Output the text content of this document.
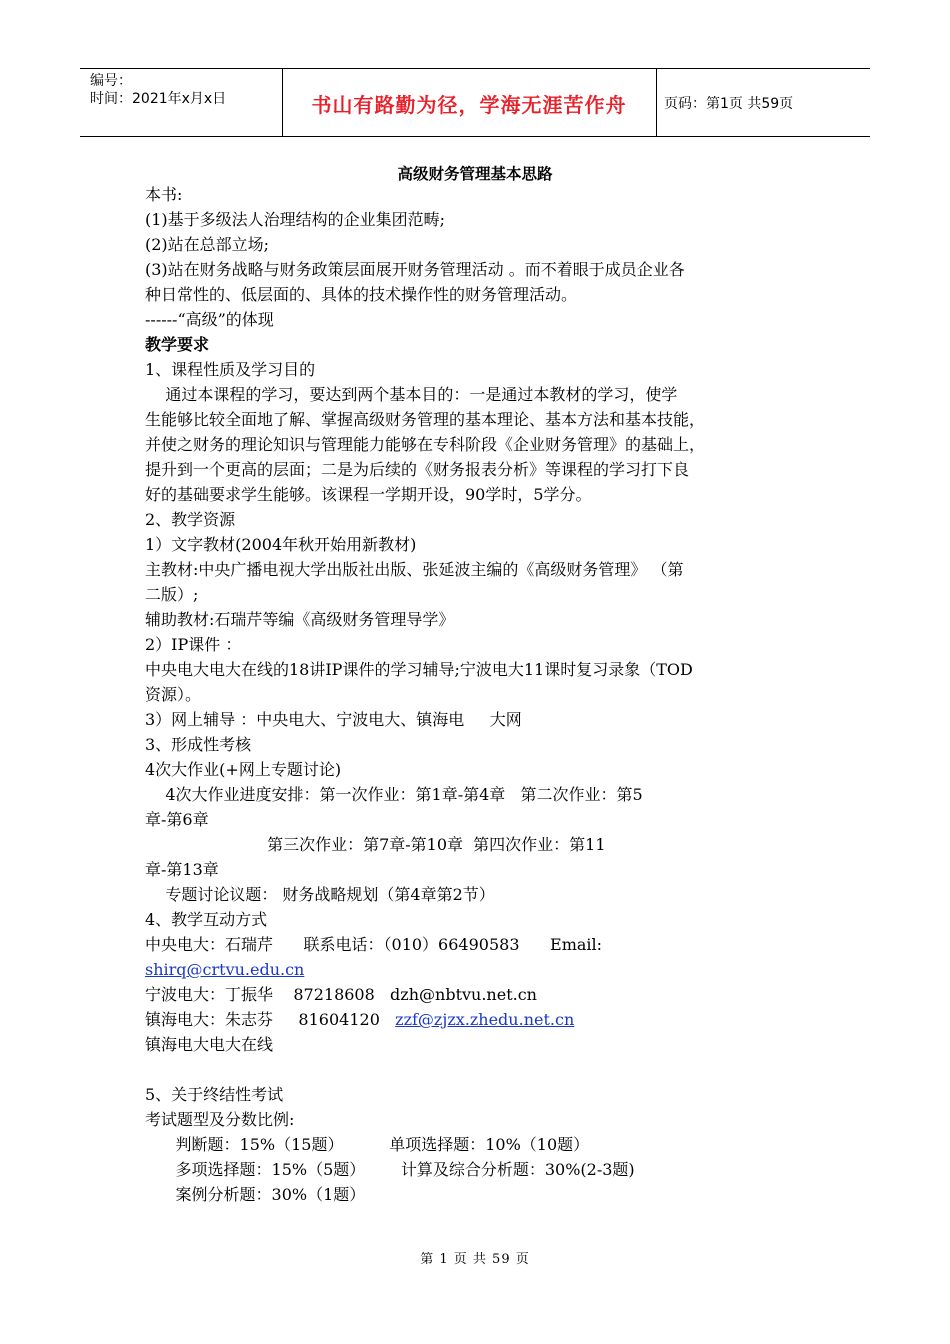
编号：
时间：2021年x月x日	书山有路勤为径，学海无涯苦作舟	页码：第1页 共59页
高级财务管理基本思路
本书:
(1)基于多级法人治理结构的企业集团范畴;
(2)站在总部立场;
(3)站在财务战略与财务政策层面展开财务管理活动 。而不着眼于成员企业各
种日常性的、低层面的、具体的技术操作性的财务管理活动。
------“高级”的体现
教学要求
1、课程性质及学习目的
通过本课程的学习，要达到两个基本目的：一是通过本教材的学习，使学
生能够比较全面地了解、掌握高级财务管理的基本理论、基本方法和基本技能，
并使之财务的理论知识与管理能力能够在专科阶段《企业财务管理》的基础上，
提升到一个更高的层面；二是为后续的《财务报表分析》等课程的学习打下良
好的基础要求学生能够。该课程一学期开设，90学时，5学分。
2、教学资源
1）文字教材(2004年秋开始用新教材)
主教材:中央广播电视大学出版社出版、张延波主编的《高级财务管理》 （第
二版）;
辅助教材:石瑞芹等编《高级财务管理导学》
2）IP课件 ：
中央电大电大在线的18讲IP课件的学习辅导;宁波电大11课时复习录象（TOD
资源）。
3）网上辅导 ：中央电大、宁波电大、镇海电     大网
3、形成性考核
4次大作业(+网上专题讨论)
4次大作业进度安排：第一次作业：第1章-第4章   第二次作业：第5
章-第6章
第三次作业：第7章-第10章  第四次作业：第11
章-第13章
专题讨论议题： 财务战略规划（第4章第2节）
4、教学互动方式
中央电大：石瑞芹      联系电话：（010）66490583      Email:
shirq@crtvu.edu.cn
宁波电大：丁振华    87218608   dzh@nbtvu.net.cn
镇海电大：朱志芬     81604120   zzf@zjzx.zhedu.net.cn
镇海电大电大在线
5、关于终结性考试
考试题型及分数比例:
判断题：15%（15题）         单项选择题：10%（10题）
多项选择题：15%（5题）       计算及综合分析题：30%(2-3题)
案例分析题：30%（1题）
第 1 页 共 59 页
